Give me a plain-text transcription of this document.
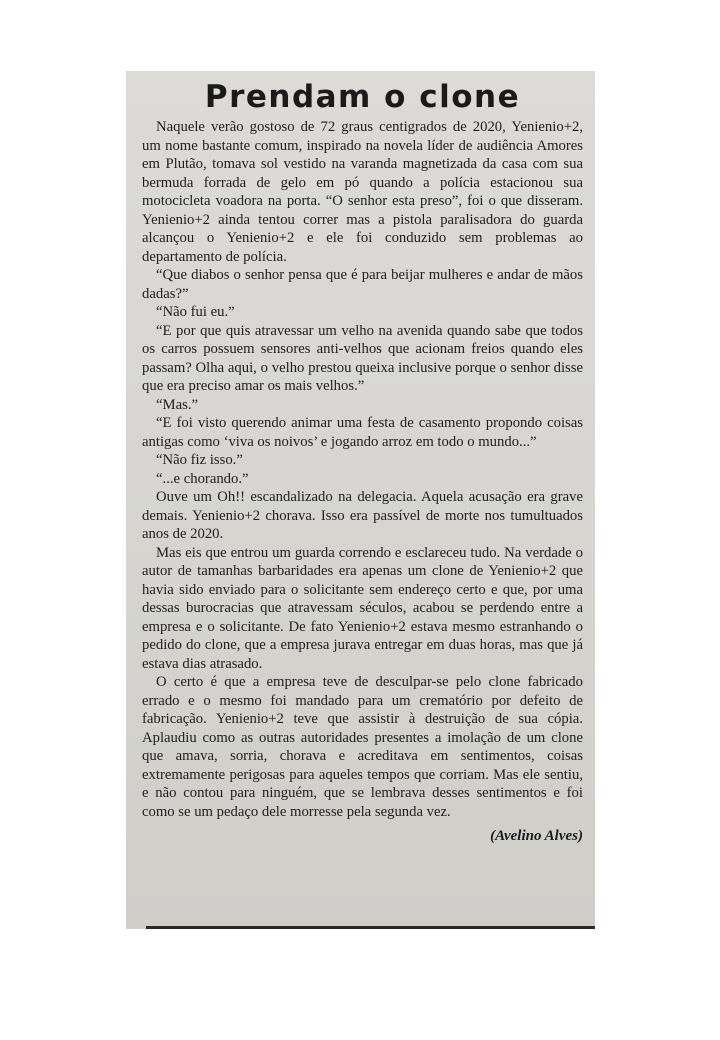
Prendam o clone

Naquele verão gostoso de 72 graus centigrados de 2020, Yenienio+2, um nome bastante comum, inspirado na novela líder de audiência Amores em Plutão, tomava sol vestido na varanda magnetizada da casa com sua bermuda forrada de gelo em pó quando a polícia estacionou sua motocicleta voadora na porta. “O senhor esta preso”, foi o que disseram. Yenienio+2 ainda tentou correr mas a pistola paralisadora do guarda alcançou o Yenienio+2 e ele foi conduzido sem problemas ao departamento de polícia.

“Que diabos o senhor pensa que é para beijar mulheres e andar de mãos dadas?”

“Não fui eu.”

“E por que quis atravessar um velho na avenida quando sabe que todos os carros possuem sensores anti-velhos que acionam freios quando eles passam? Olha aqui, o velho prestou queixa inclusive porque o senhor disse que era preciso amar os mais velhos.”

“Mas.”

“E foi visto querendo animar uma festa de casamento propondo coisas antigas como ‘viva os noivos’ e jogando arroz em todo o mundo...”

“Não fiz isso.”

“...e chorando.”

Ouve um Oh!! escandalizado na delegacia. Aquela acusação era grave demais. Yenienio+2 chorava. Isso era passível de morte nos tumultuados anos de 2020.

Mas eis que entrou um guarda correndo e esclareceu tudo. Na verdade o autor de tamanhas barbaridades era apenas um clone de Yenienio+2 que havia sido enviado para o solicitante sem endereço certo e que, por uma dessas burocracias que atravessam séculos, acabou se perdendo entre a empresa e o solicitante. De fato Yenienio+2 estava mesmo estranhando o pedido do clone, que a empresa jurava entregar em duas horas, mas que já estava dias atrasado.

O certo é que a empresa teve de desculpar-se pelo clone fabricado errado e o mesmo foi mandado para um crematório por defeito de fabricação. Yenienio+2 teve que assistir à destruição de sua cópia. Aplaudiu como as outras autoridades presentes a imolação de um clone que amava, sorria, chorava e acreditava em sentimentos, coisas extremamente perigosas para aqueles tempos que corriam. Mas ele sentiu, e não contou para ninguém, que se lembrava desses sentimentos e foi como se um pedaço dele morresse pela segunda vez.

(Avelino Alves)
